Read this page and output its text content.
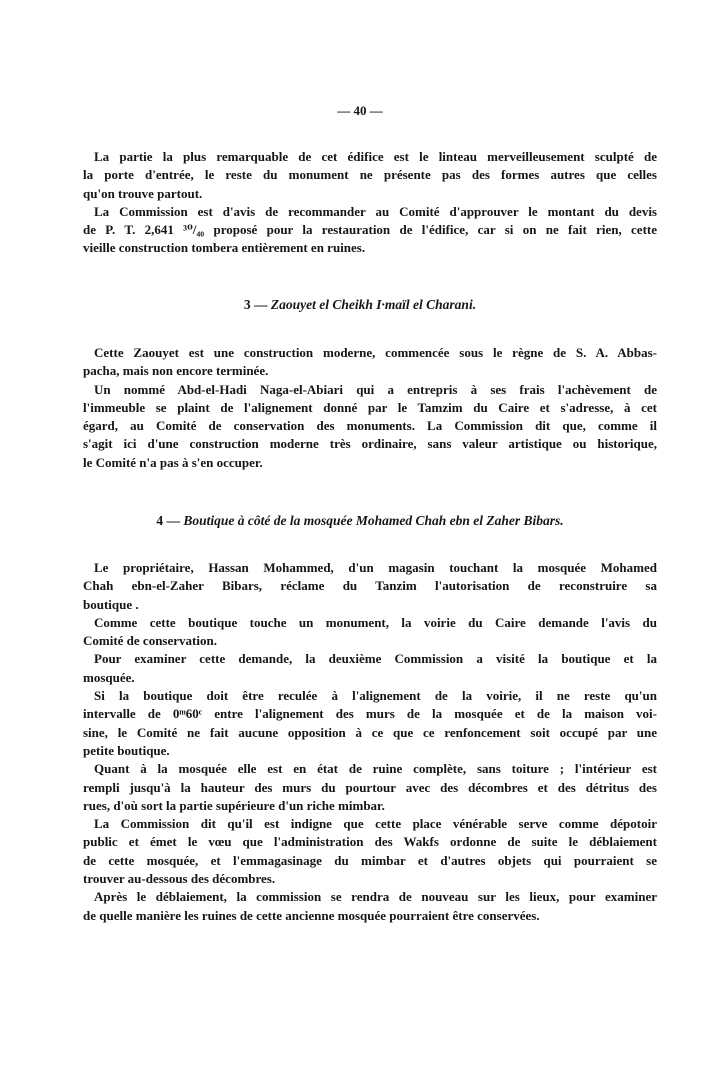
— 40 —
La partie la plus remarquable de cet édifice est le linteau merveilleusement sculpté de
la porte d'entrée, le reste du monument ne présente pas des formes autres que celles
qu'on trouve partout.
La Commission est d'avis de recommander au Comité d'approuver le montant du devis
de P. T. 2,641 ³⁰/₄₀ proposé pour la restauration de l'édifice, car si on ne fait rien, cette
vieille construction tombera entièrement en ruines.
3 — Zaouyet el Cheikh I·maïl el Charani.
Cette Zaouyet est une construction moderne, commencée sous le règne de S. A. Abbas-
pacha, mais non encore terminée.
Un nommé Abd-el-Hadi Naga-el-Abiari qui a entrepris à ses frais l'achèvement de
l'immeuble se plaint de l'alignement donné par le Tamzim du Caire et s'adresse, à cet
égard, au Comité de conservation des monuments. La Commission dit que, comme il
s'agit ici d'une construction moderne très ordinaire, sans valeur artistique ou historique,
le Comité n'a pas à s'en occuper.
4 — Boutique à côté de la mosquée Mohamed Chah ebn el Zaher Bibars.
Le propriétaire, Hassan Mohammed, d'un magasin touchant la mosquée Mohamed
Chah ebn-el-Zaher Bibars, réclame du Tanzim l'autorisation de reconstruire sa
boutique .
Comme cette boutique touche un monument, la voirie du Caire demande l'avis du
Comité de conservation.
Pour examiner cette demande, la deuxième Commission a visité la boutique et la
mosquée.
Si la boutique doit être reculée à l'alignement de la voirie, il ne reste qu'un
intervalle de 0ᵐ60ᶜ entre l'alignement des murs de la mosquée et de la maison voi-
sine, le Comité ne fait aucune opposition à ce que ce renfoncement soit occupé par une
petite boutique.
Quant à la mosquée elle est en état de ruine complète, sans toiture ; l'intérieur est
rempli jusqu'à la hauteur des murs du pourtour avec des décombres et des détritus des
rues, d'où sort la partie supérieure d'un riche mimbar.
La Commission dit qu'il est indigne que cette place vénérable serve comme dépotoir
public et émet le vœu que l'administration des Wakfs ordonne de suite le déblaiement
de cette mosquée, et l'emmagasinage du mimbar et d'autres objets qui pourraient se
trouver au-dessous des décombres.
Après le déblaiement, la commission se rendra de nouveau sur les lieux, pour examiner
de quelle manière les ruines de cette ancienne mosquée pourraient être conservées.
